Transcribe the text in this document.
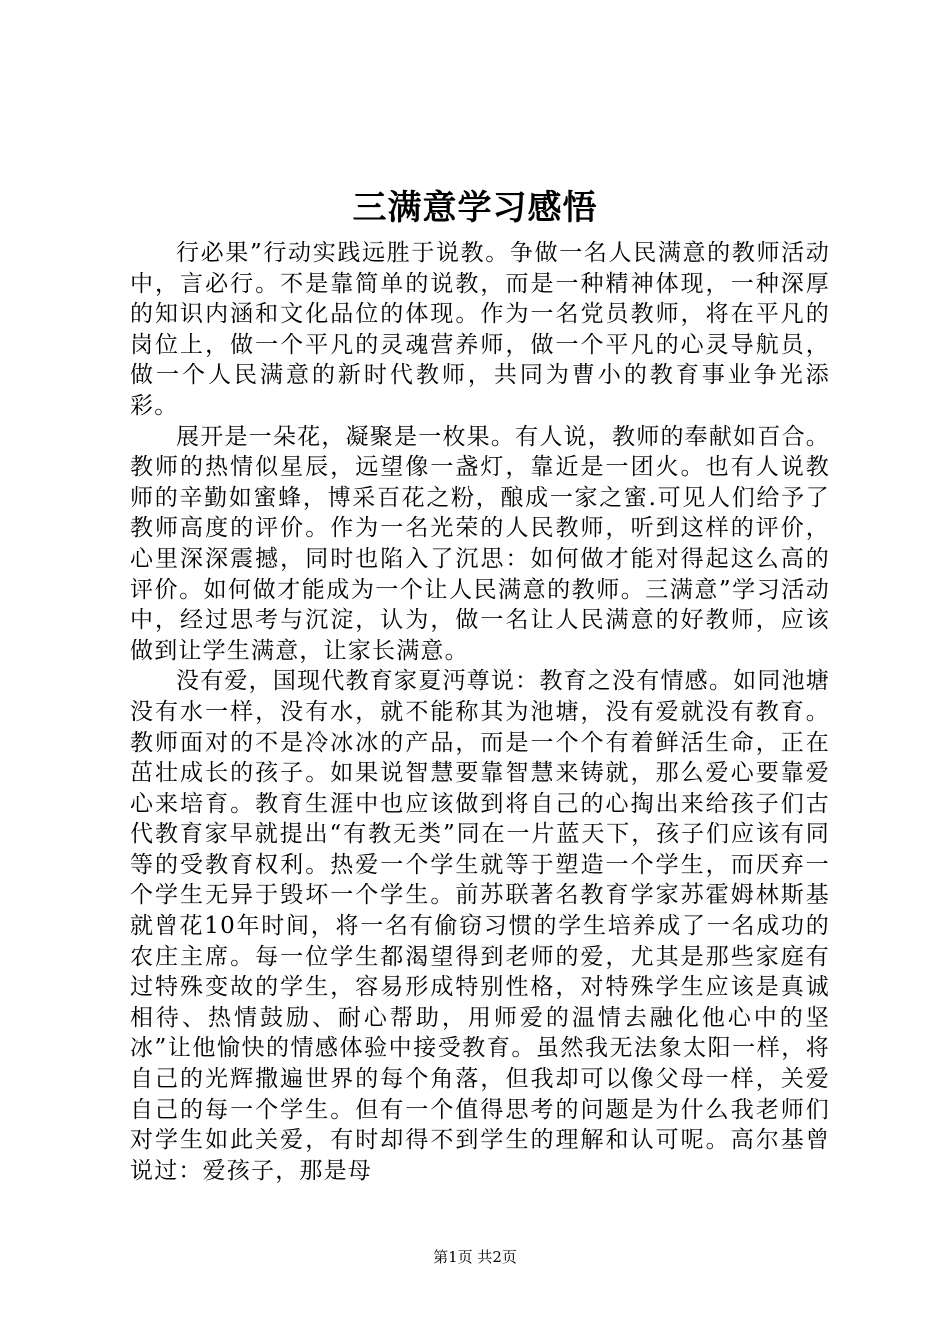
三满意学习感悟

行必果”行动实践远胜于说教。争做一名人民满意的教师活动中，言必行。不是靠简单的说教，而是一种精神体现，一种深厚的知识内涵和文化品位的体现。作为一名党员教师，将在平凡的岗位上，做一个平凡的灵魂营养师，做一个平凡的心灵导航员，做一个人民满意的新时代教师，共同为曹小的教育事业争光添彩。

展开是一朵花，凝聚是一枚果。有人说，教师的奉献如百合。教师的热情似星辰，远望像一盏灯，靠近是一团火。也有人说教师的辛勤如蜜蜂，博采百花之粉，酿成一家之蜜.可见人们给予了教师高度的评价。作为一名光荣的人民教师，听到这样的评价，心里深深震撼，同时也陷入了沉思：如何做才能对得起这么高的评价。如何做才能成为一个让人民满意的教师。三满意”学习活动中，经过思考与沉淀，认为，做一名让人民满意的好教师，应该做到让学生满意，让家长满意。

没有爱，国现代教育家夏沔尊说：教育之没有情感。如同池塘没有水一样，没有水，就不能称其为池塘，没有爱就没有教育。教师面对的不是冷冰冰的产品，而是一个个有着鲜活生命，正在茁壮成长的孩子。如果说智慧要靠智慧来铸就，那么爱心要靠爱心来培育。教育生涯中也应该做到将自己的心掏出来给孩子们古代教育家早就提出“有教无类”同在一片蓝天下，孩子们应该有同等的受教育权利。热爱一个学生就等于塑造一个学生，而厌弃一个学生无异于毁坏一个学生。前苏联著名教育学家苏霍姆林斯基就曾花10年时间，将一名有偷窃习惯的学生培养成了一名成功的农庄主席。每一位学生都渴望得到老师的爱，尤其是那些家庭有过特殊变故的学生，容易形成特别性格，对特殊学生应该是真诚相待、热情鼓励、耐心帮助，用师爱的温情去融化他心中的坚冰”让他愉快的情感体验中接受教育。虽然我无法象太阳一样，将自己的光辉撒遍世界的每个角落，但我却可以像父母一样，关爱自己的每一个学生。但有一个值得思考的问题是为什么我老师们对学生如此关爱，有时却得不到学生的理解和认可呢。高尔基曾说过：爱孩子，那是母

第1页 共2页
